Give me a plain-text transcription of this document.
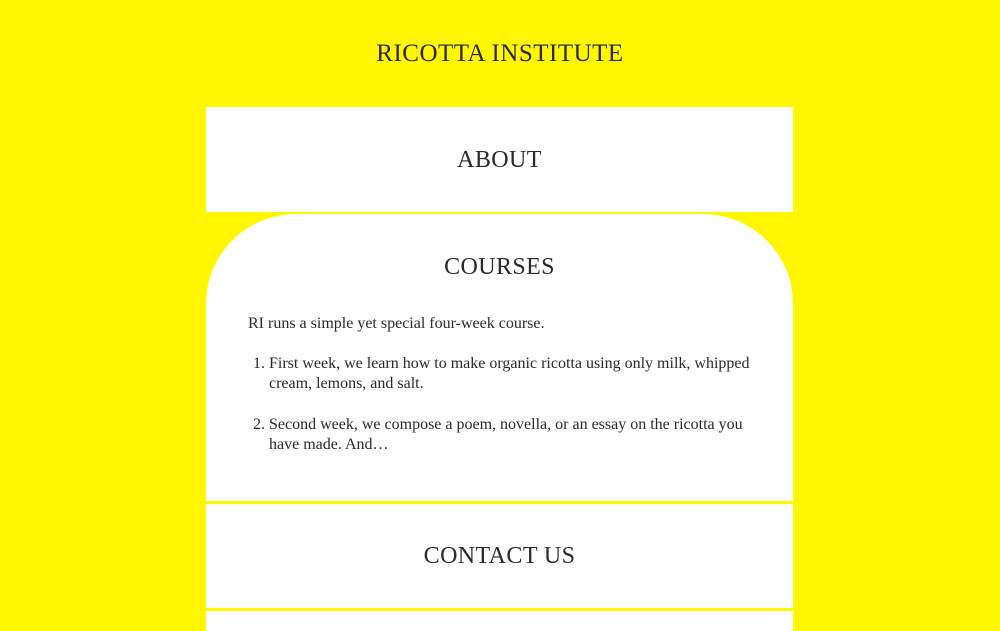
RICOTTA INSTITUTE
ABOUT
COURSES

RI runs a simple yet special four-week course.

1. First week, we learn how to make organic ricotta using only milk, whipped cream, lemons, and salt.
2. Second week, we compose a poem, novella, or an essay on the ricotta you have made. And…
CONTACT US
